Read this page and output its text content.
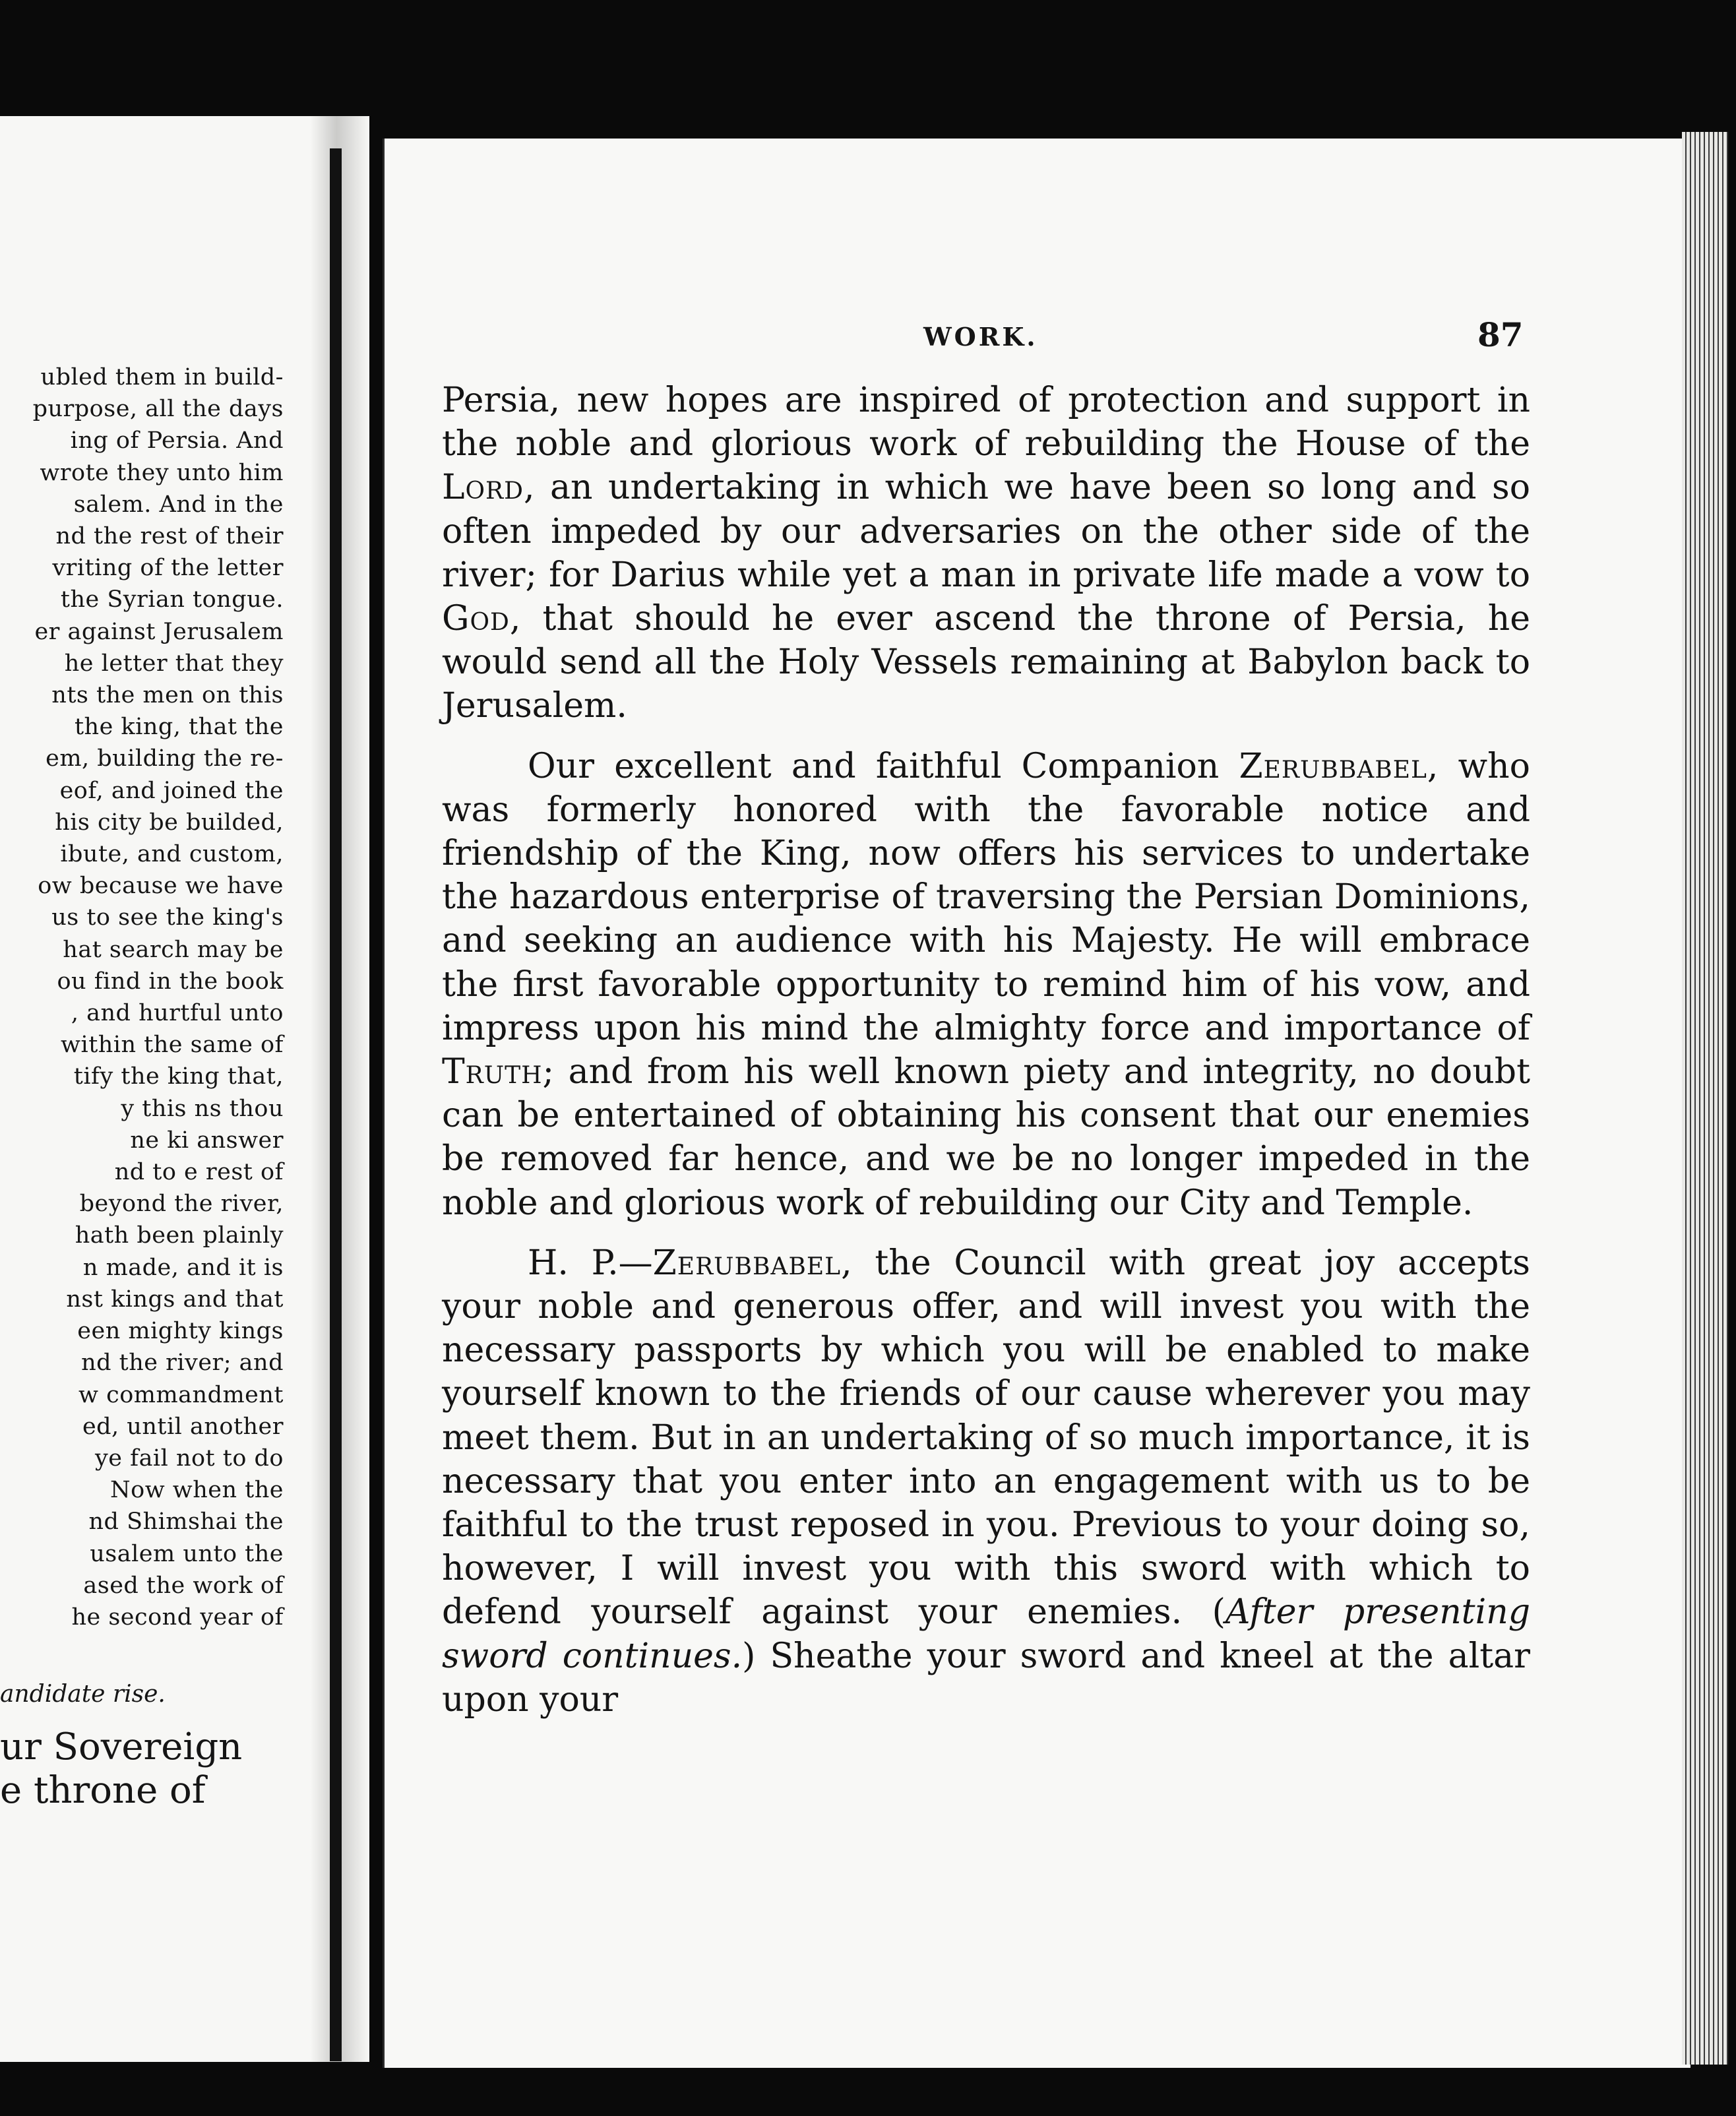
ubled them in build-
purpose, all the days
ing of Persia. And
wrote they unto him
salem. And in the
nd the rest of their
vriting of the letter
the Syrian tongue.
er against Jerusalem
he letter that they
nts the men on this
the king, that the
em, building the re-
eof, and joined the
his city be builded,
ibute, and custom,
ow because we have
us to see the king's
hat search may be
ou find in the book
, and hurtful unto
within the same of
tify the king that,
y this ns thou
ne ki answer
nd to e rest of
beyond the river,
hath been plainly
n made, and it is
nst kings and that
een mighty kings
nd the river; and
w commandment
ed, until another
ye fail not to do
Now when the
nd Shimshai the
usalem unto the
ased the work of
he second year of
andidate rise.
ur Sovereign
e throne of
WORK.	87

Persia, new hopes are inspired of protection and support in the noble and glorious work of rebuilding the House of the Lord, an undertaking in which we have been so long and so often impeded by our adversaries on the other side of the river; for Darius while yet a man in private life made a vow to God, that should he ever ascend the throne of Persia, he would send all the Holy Vessels remaining at Babylon back to Jerusalem.

Our excellent and faithful Companion Zerubbabel, who was formerly honored with the favorable notice and friendship of the King, now offers his services to undertake the hazardous enterprise of traversing the Persian Dominions, and seeking an audience with his Majesty. He will embrace the first favorable opportunity to remind him of his vow, and impress upon his mind the almighty force and importance of Truth; and from his well known piety and integrity, no doubt can be entertained of obtaining his consent that our enemies be removed far hence, and we be no longer impeded in the noble and glorious work of rebuilding our City and Temple.

H. P.—Zerubbabel, the Council with great joy accepts your noble and generous offer, and will invest you with the necessary passports by which you will be enabled to make yourself known to the friends of our cause wherever you may meet them. But in an undertaking of so much importance, it is necessary that you enter into an engagement with us to be faithful to the trust reposed in you. Previous to your doing so, however, I will invest you with this sword with which to defend yourself against your enemies. (After presenting sword continues.) Sheathe your sword and kneel at the altar upon your
